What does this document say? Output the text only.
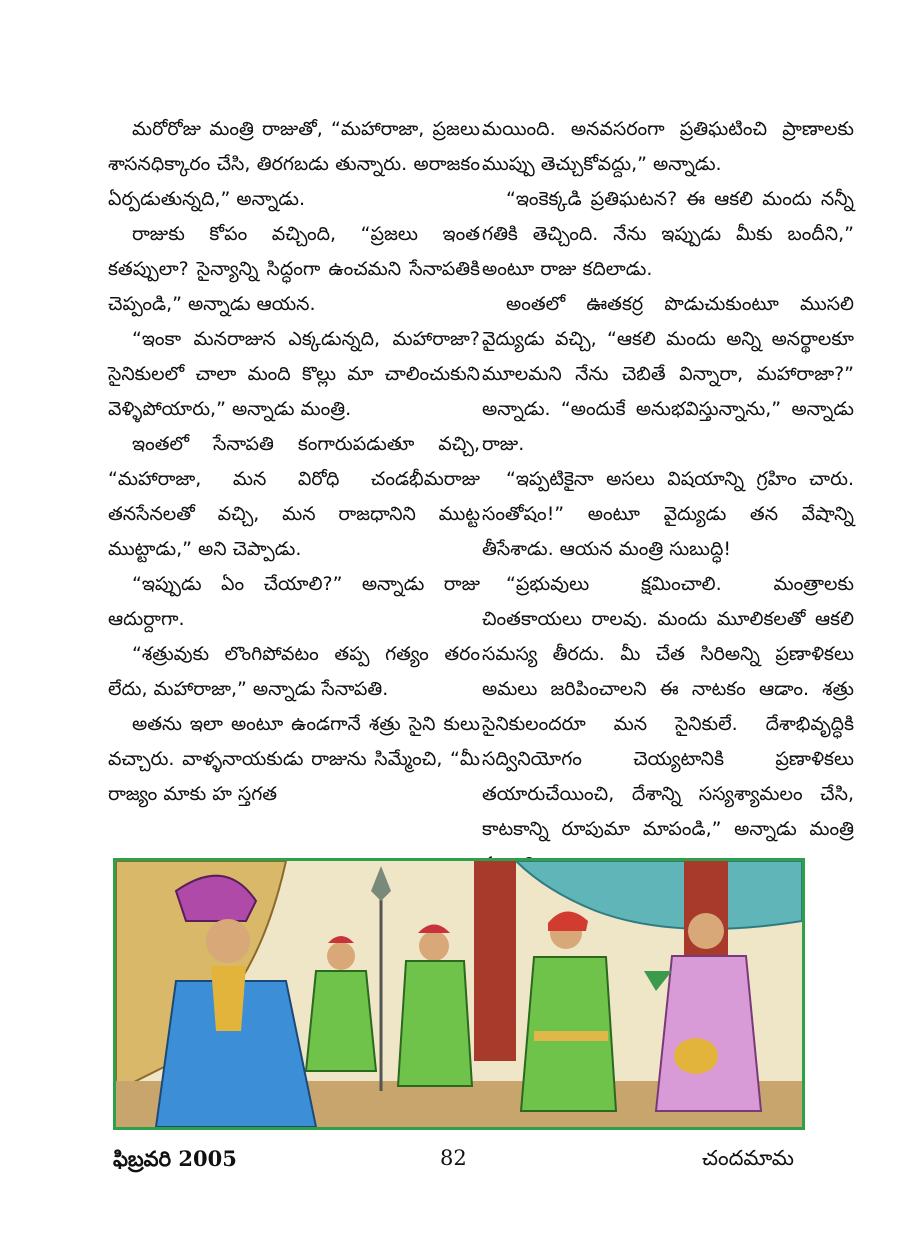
మరోరోజు మంత్రి రాజుతో, “మహారాజా, ప్రజలు శాసనధిక్కారం చేసి, తిరగబడు తున్నారు. అరాజకం ఏర్పడుతున్నది,” అన్నాడు.

రాజుకు కోపం వచ్చింది, “ప్రజలు ఇంత కతప్పులా? సైన్యాన్ని సిద్ధంగా ఉంచమని సేనాపతికి చెప్పండి,” అన్నాడు ఆయన.

“ఇంకా మనరాజున ఎక్కడున్నది, మహారాజా? సైనికులలో చాలా మంది కొల్లు మా చాలించుకుని వెళ్ళిపోయారు,” అన్నాడు మంత్రి.

ఇంతలో సేనాపతి కంగారుపడుతూ వచ్చి, “మహారాజా, మన విరోధి చండభీమరాజు తనసేనలతో వచ్చి, మన రాజధానిని ముట్ట ముట్టాడు,” అని చెప్పాడు.

“ఇప్పుడు ఏం చేయాలి?” అన్నాడు రాజు ఆదుర్దాగా.

“శత్రువుకు లొంగిపోవటం తప్ప గత్యం తరం లేదు, మహారాజా,” అన్నాడు సేనాపతి.

అతను ఇలా అంటూ ఉండగానే శత్రు సైని కులు వచ్చారు. వాళ్ళనాయకుడు రాజును సిమ్మేంచి, “మీ రాజ్యం మాకు హ స్తగత

మయింది. అనవసరంగా ప్రతిఘటించి ప్రాణాలకు ముప్పు తెచ్చుకోవద్దు,” అన్నాడు.

“ఇంకెక్కడి ప్రతిఘటన? ఈ ఆకలి మందు నన్నీ గతికి తెచ్చింది. నేను ఇప్పుడు మీకు బందీని,” అంటూ రాజు కదిలాడు.

అంతలో ఊతకర్ర పొడుచుకుంటూ ముసలి వైద్యుడు వచ్చి, “ఆకలి మందు అన్ని అనర్థాలకూ మూలమని నేను చెబితే విన్నారా, మహారాజా?” అన్నాడు. “అందుకే అనుభవిస్తున్నాను,” అన్నాడు రాజు.

“ఇప్పటికైనా అసలు విషయాన్ని గ్రహిం చారు. సంతోషం!” అంటూ వైద్యుడు తన వేషాన్ని తీసేశాడు. ఆయన మంత్రి సుబుద్ధి!

“ప్రభువులు క్షమించాలి. మంత్రాలకు చింతకాయలు రాలవు. మందు మూలికలతో ఆకలి సమస్య తీరదు. మీ చేత సిరిఅన్ని ప్రణాళికలు అమలు జరిపించాలని ఈ నాటకం ఆడాం. శత్రు సైనికులందరూ మన సైనికులే. దేశాభివృద్ధికి సద్వినియోగం చెయ్యటానికి ప్రణాళికలు తయారుచేయించి, దేశాన్ని సస్యశ్యామలం చేసి, కాటకాన్ని రూపుమా మాపండి,” అన్నాడు మంత్రి

ఫిబ్రవరి 2005	82	చందమామ
